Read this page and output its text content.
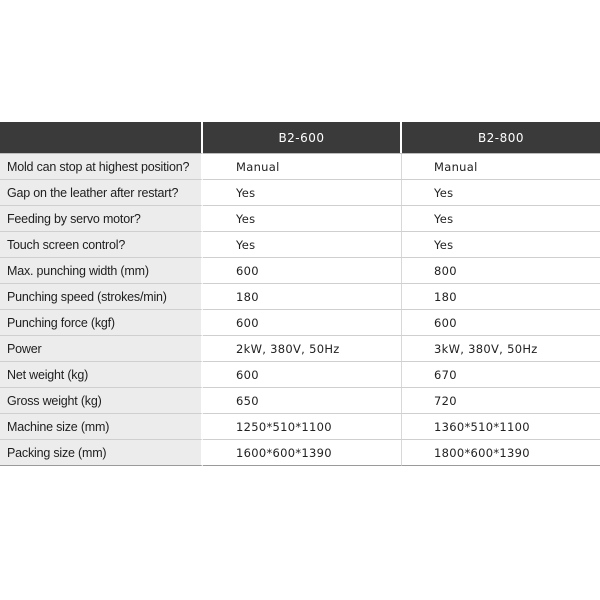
	B2-600	B2-800
Mold can stop at highest position?	Manual	Manual
Gap on the leather after restart?	Yes	Yes
Feeding by servo motor?	Yes	Yes
Touch screen control?	Yes	Yes
Max. punching width (mm)	600	800
Punching speed (strokes/min)	180	180
Punching force (kgf)	600	600
Power	2kW, 380V, 50Hz	3kW, 380V, 50Hz
Net weight (kg)	600	670
Gross weight (kg)	650	720
Machine size (mm)	1250*510*1100	1360*510*1100
Packing size (mm)	1600*600*1390	1800*600*1390
